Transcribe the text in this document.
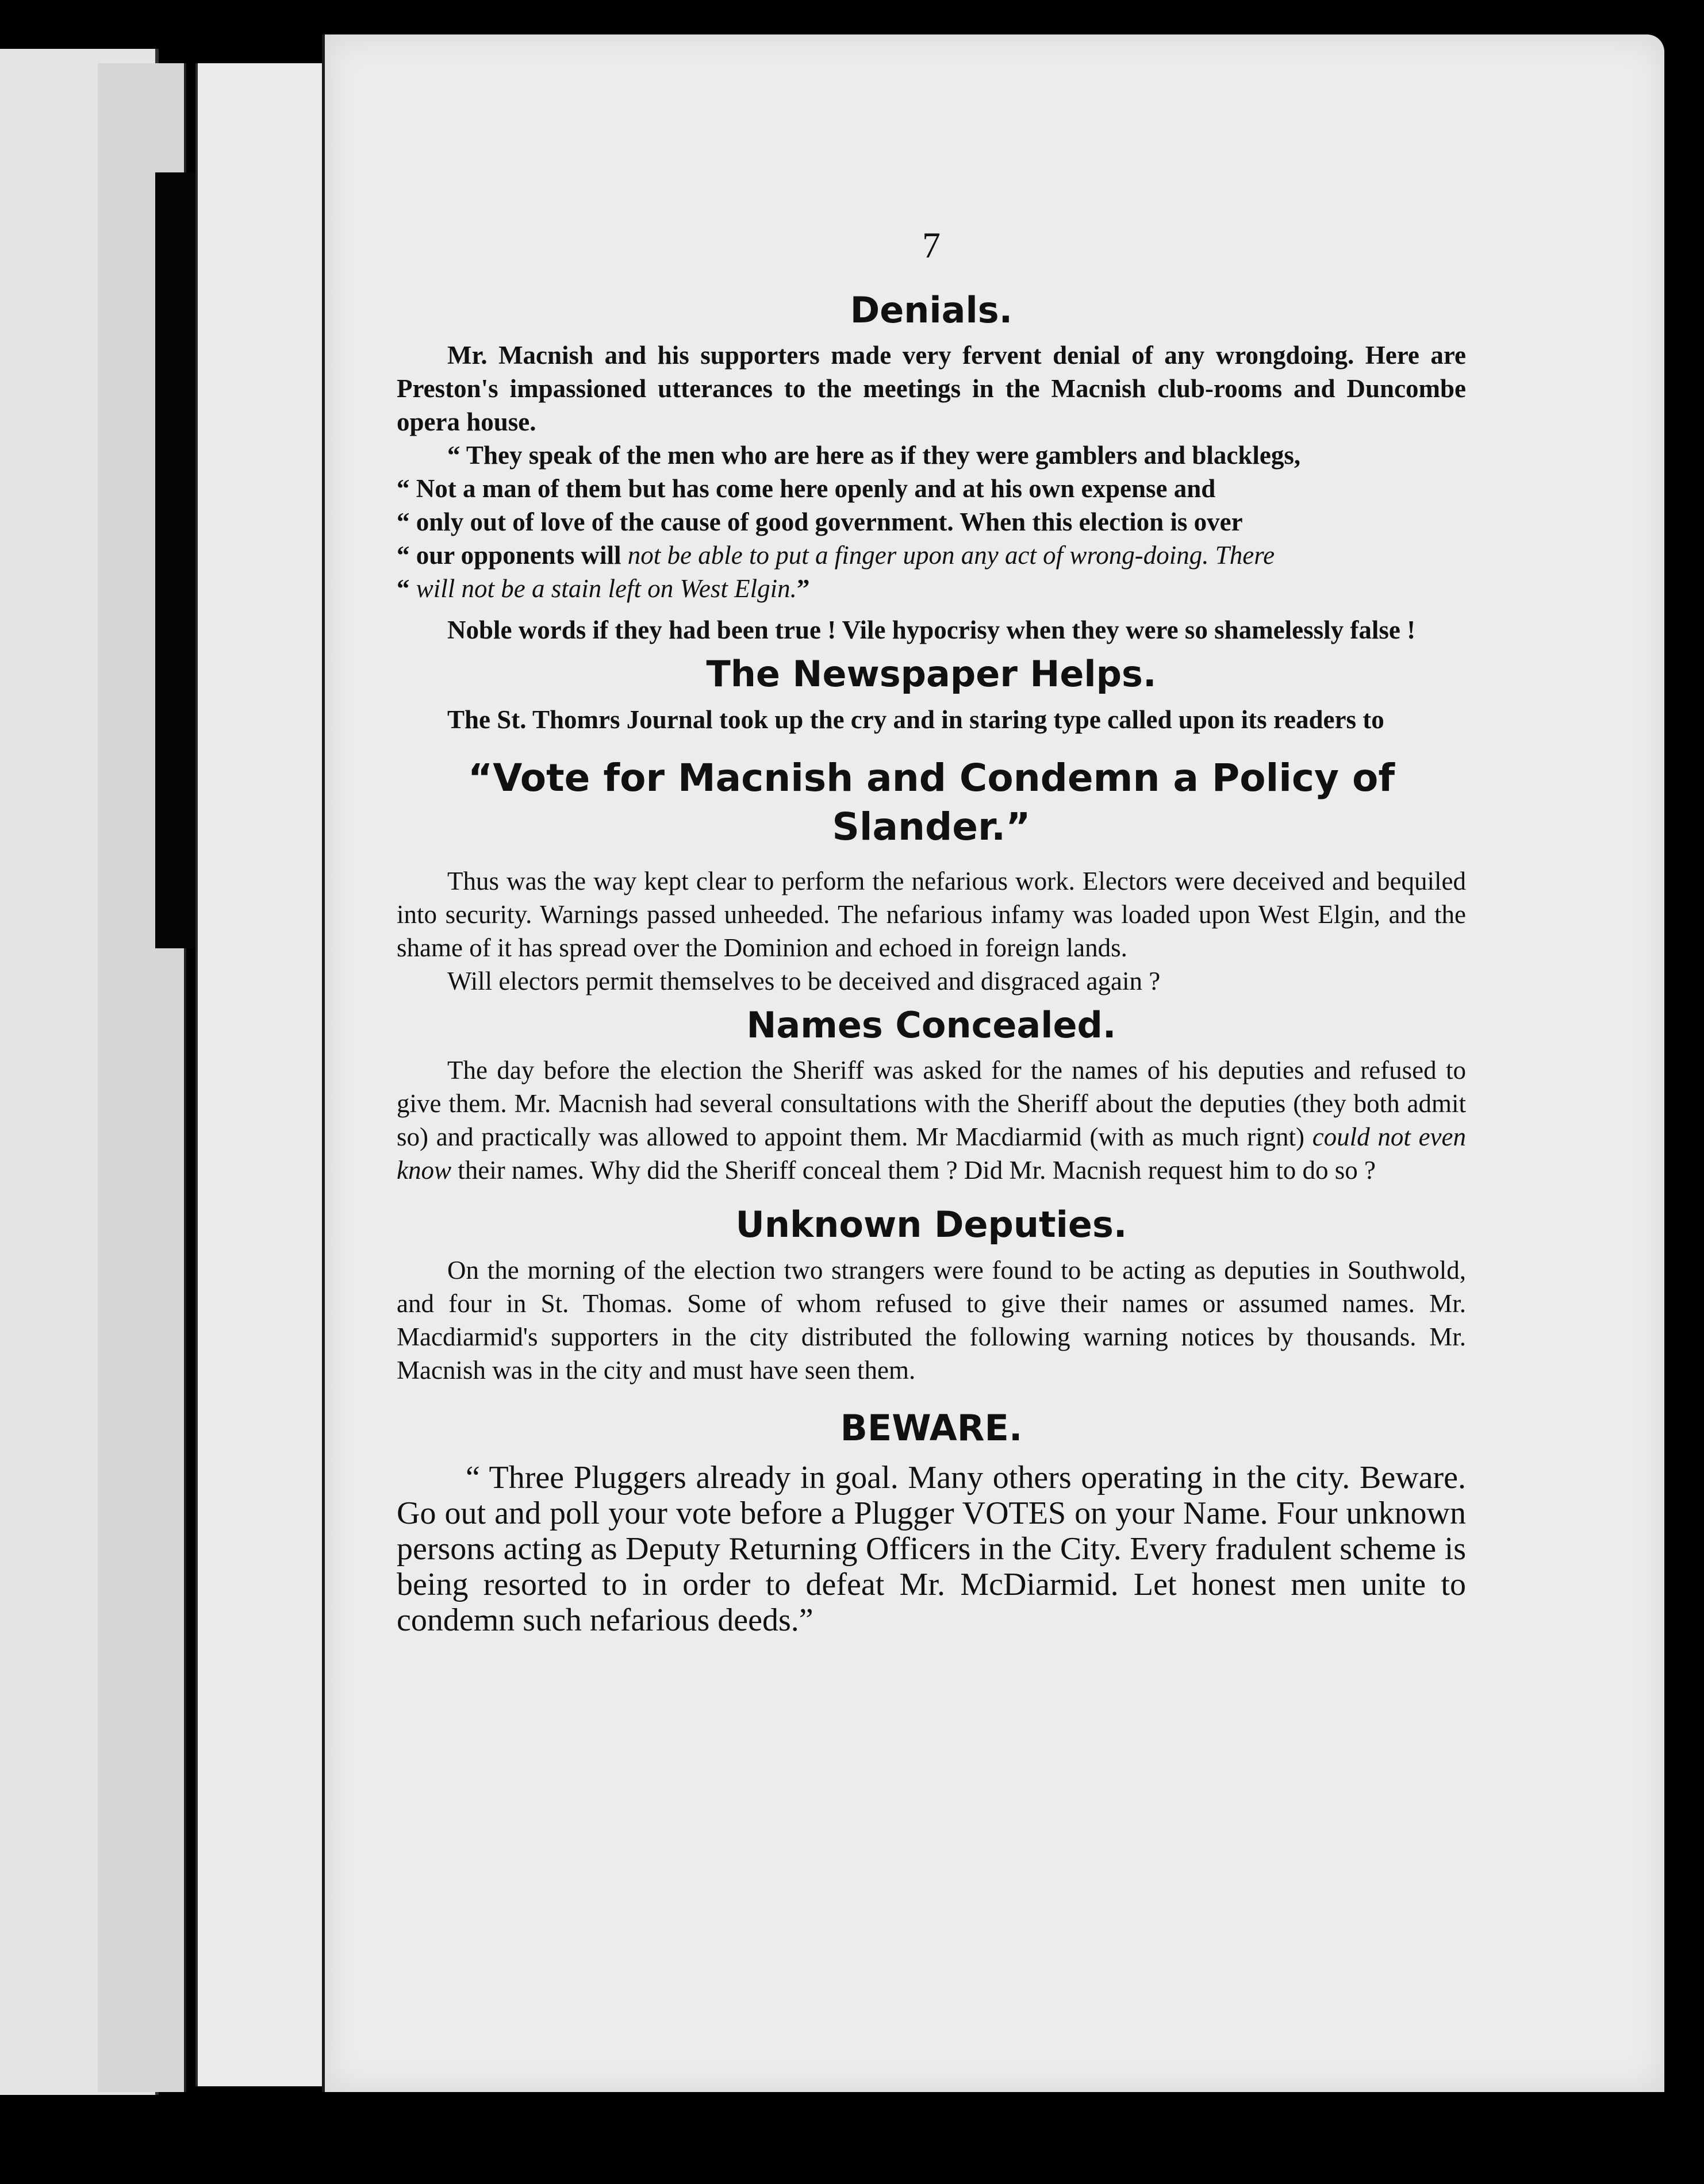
7
Denials.

Mr. Macnish and his supporters made very fervent denial of any wrongdoing. Here are Preston's impassioned utterances to the meetings in the Macnish club-rooms and Duncombe opera house.

“ They speak of the men who are here as if they were gamblers and blacklegs,

“ Not a man of them but has come here openly and at his own expense and

“ only out of love of the cause of good government. When this election is over

“ our opponents will not be able to put a finger upon any act of wrong-doing. There

“ will not be a stain left on West Elgin.”

Noble words if they had been true ! Vile hypocrisy when they were so shamelessly false !

The Newspaper Helps.

The St. Thomrs Journal took up the cry and in staring type called upon its readers to

“Vote for Macnish and Condemn a Policy of Slander.”

Thus was the way kept clear to perform the nefarious work. Electors were deceived and bequiled into security. Warnings passed unheeded. The nefarious infamy was loaded upon West Elgin, and the shame of it has spread over the Dominion and echoed in foreign lands.

Will electors permit themselves to be deceived and disgraced again ?

Names Concealed.

The day before the election the Sheriff was asked for the names of his deputies and refused to give them. Mr. Macnish had several consultations with the Sheriff about the deputies (they both admit so) and practically was allowed to appoint them. Mr Macdiarmid (with as much rignt) could not even know their names. Why did the Sheriff conceal them ? Did Mr. Macnish request him to do so ?

Unknown Deputies.

On the morning of the election two strangers were found to be acting as deputies in Southwold, and four in St. Thomas. Some of whom refused to give their names or assumed names. Mr. Macdiarmid's supporters in the city distributed the following warning notices by thousands. Mr. Macnish was in the city and must have seen them.

BEWARE.

“ Three Pluggers already in goal. Many others operating in the city. Beware. Go out and poll your vote before a Plugger VOTES on your Name. Four unknown persons acting as Deputy Returning Officers in the City. Every fradulent scheme is being resorted to in order to defeat Mr. McDiarmid. Let honest men unite to condemn such nefarious deeds.”
